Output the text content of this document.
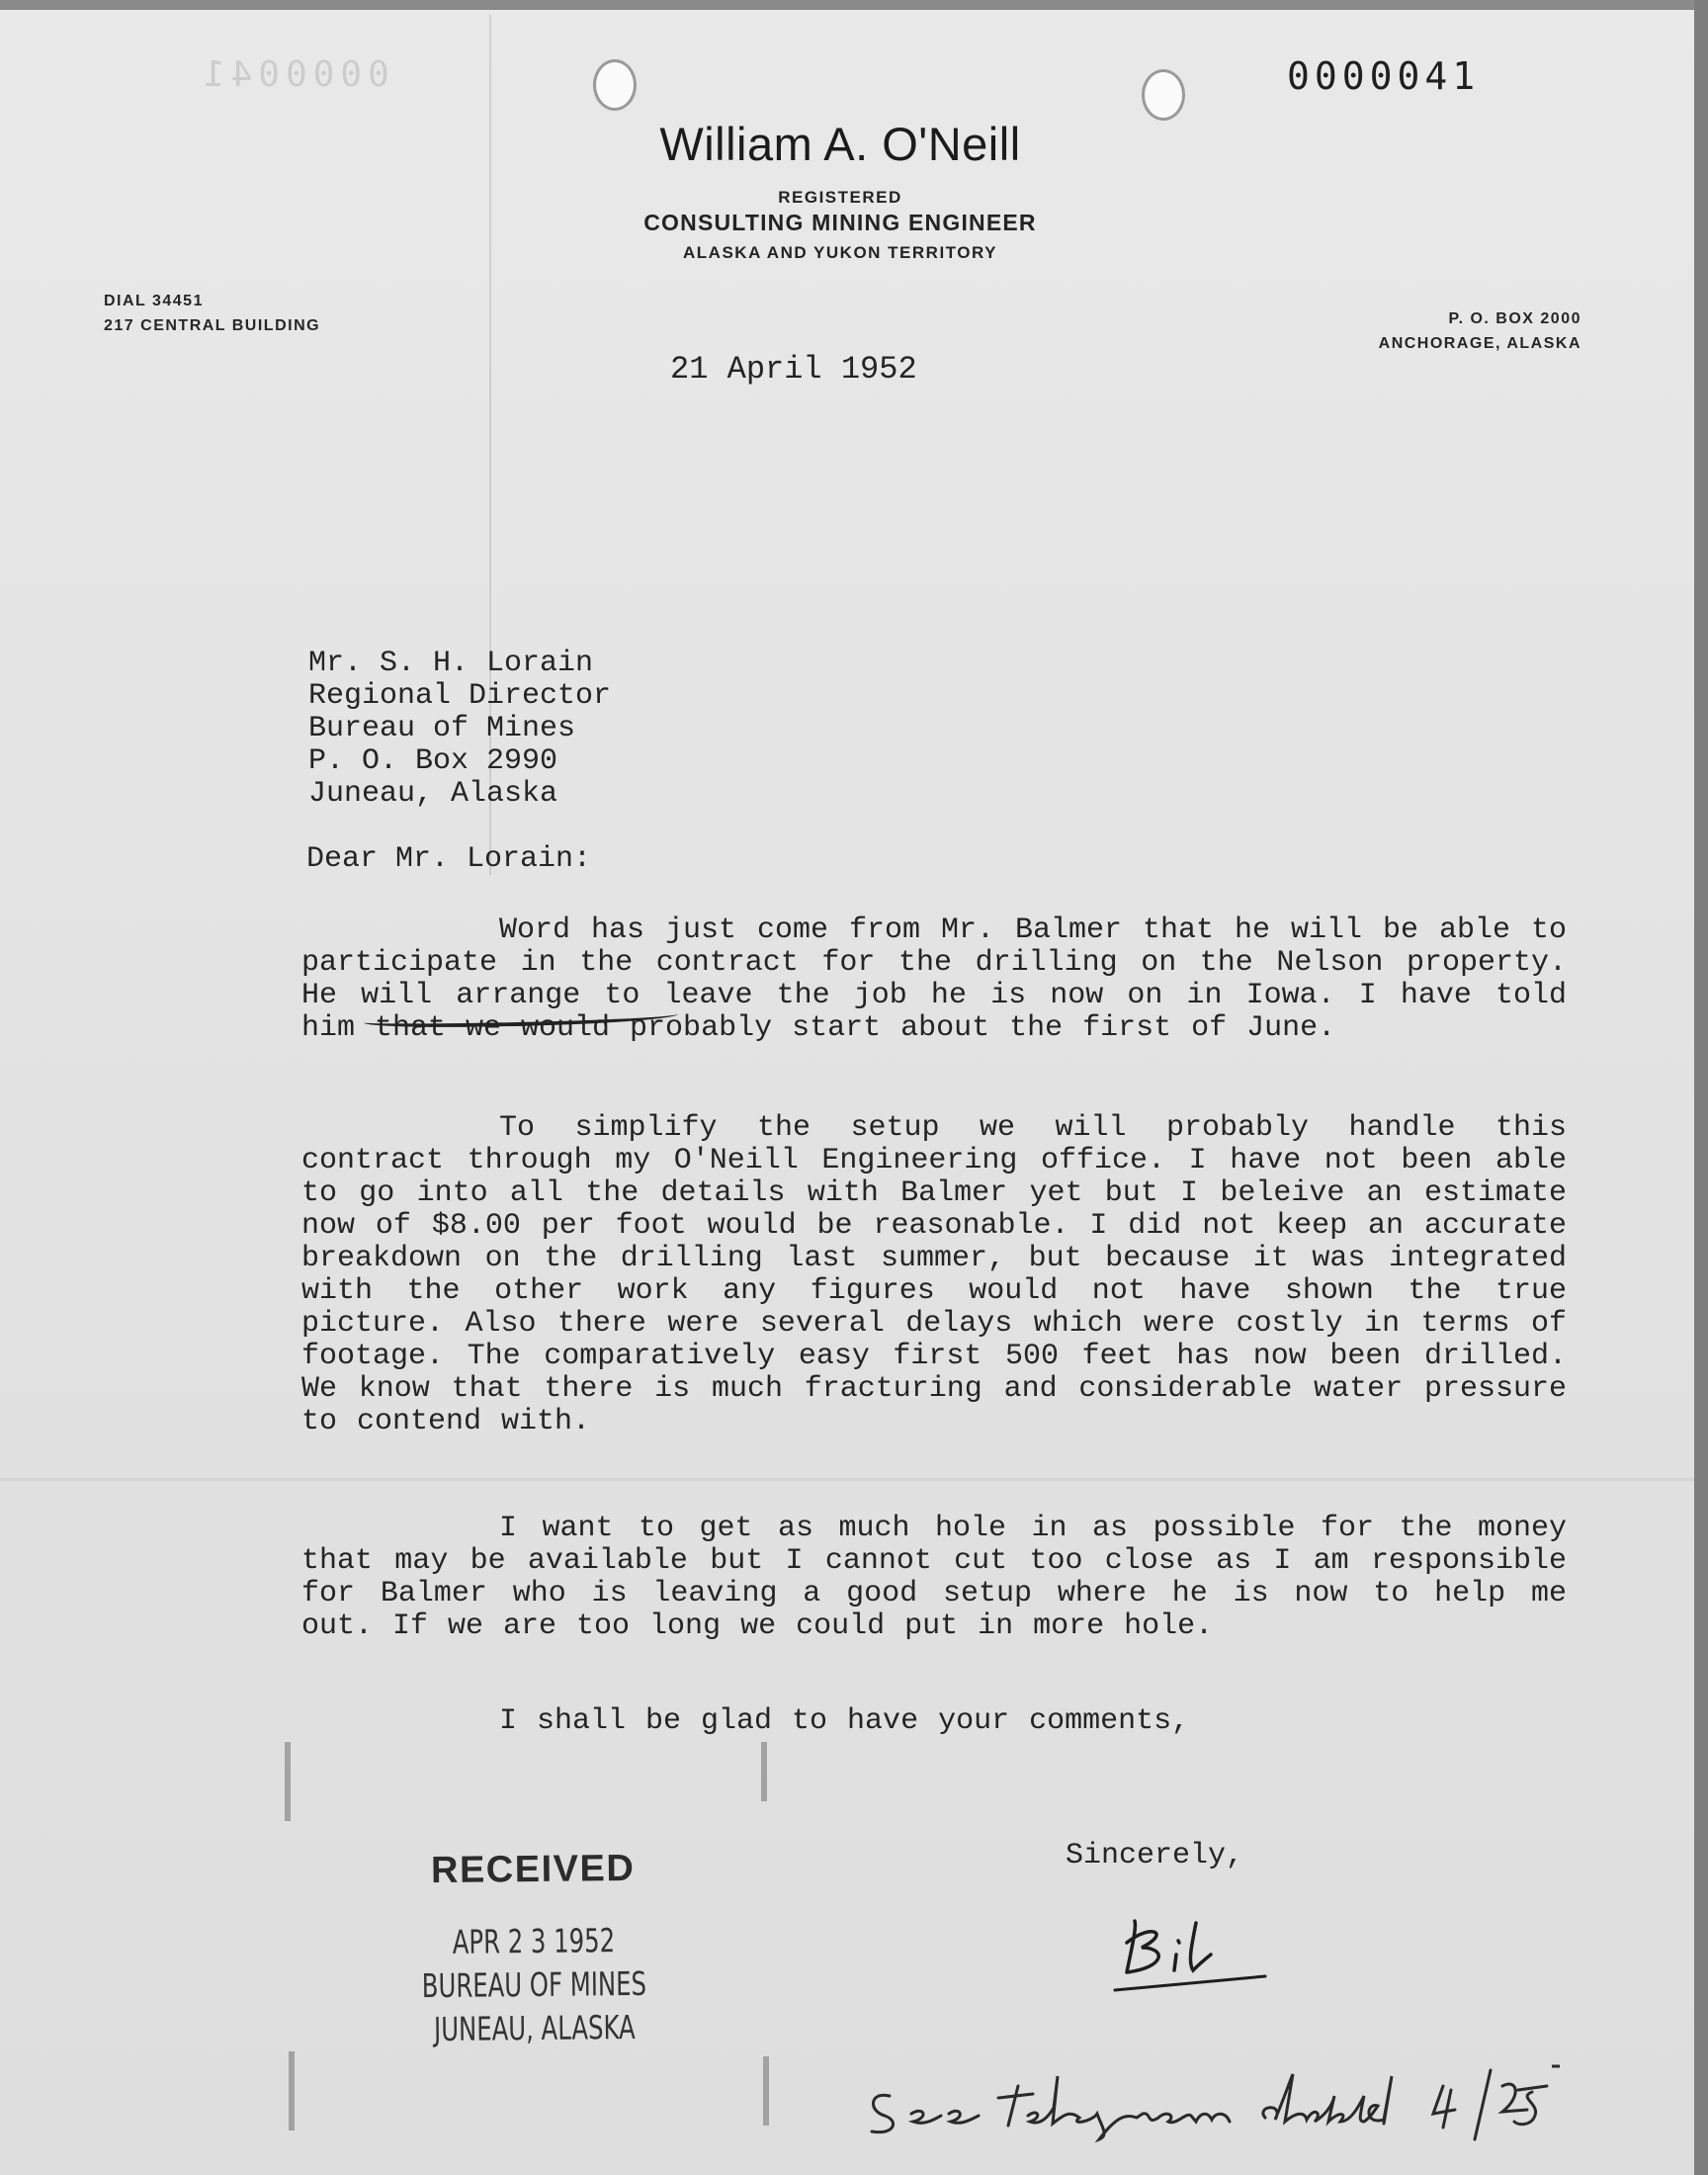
0000041	0000041
William A. O'Neill
REGISTERED
CONSULTING MINING ENGINEER
ALASKA AND YUKON TERRITORY
DIAL 34451
217 CENTRAL BUILDING	P. O. BOX 2000
ANCHORAGE, ALASKA
21 April 1952
Mr. S. H. Lorain
Regional Director
Bureau of Mines
P. O. Box 2990
Juneau, Alaska
Dear Mr. Lorain:
Word has just come from Mr. Balmer that he will be able to participate in the contract for the drilling on the Nelson property. He will arrange to leave the job he is now on in Iowa. I have told him that we would probably start about the first of June.
To simplify the setup we will probably handle this contract through my O'Neill Engineering office. I have not been able to go into all the details with Balmer yet but I beleive an estimate now of $8.00 per foot would be reasonable. I did not keep an accurate breakdown on the drilling last summer, but because it was integrated with the other work any figures would not have shown the true picture. Also there were several delays which were costly in terms of footage. The comparatively easy first 500 feet has now been drilled. We know that there is much fracturing and considerable water pressure to contend with.
I want to get as much hole in as possible for the money that may be available but I cannot cut too close as I am responsible for Balmer who is leaving a good setup where he is now to help me out. If we are too long we could put in more hole.
I shall be glad to have your comments,
Sincerely,
RECEIVED
APR 2 3 1952
BUREAU OF MINES
JUNEAU, ALASKA
